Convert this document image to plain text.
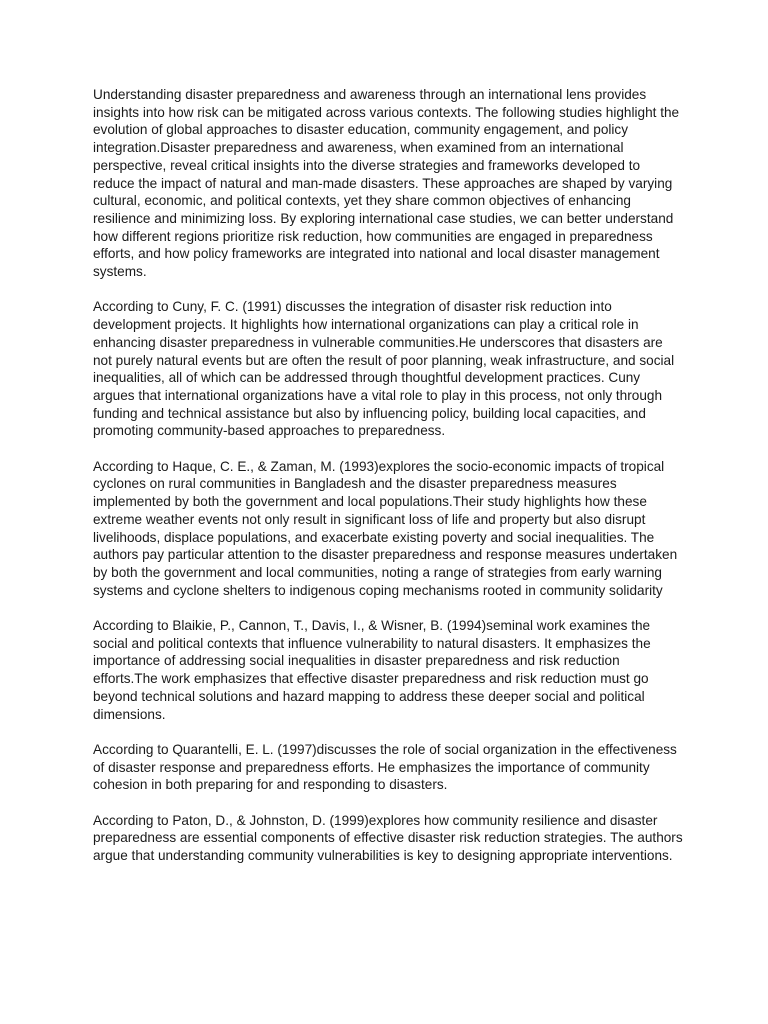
Understanding disaster preparedness and awareness through an international lens provides insights into how risk can be mitigated across various contexts. The following studies highlight the evolution of global approaches to disaster education, community engagement, and policy integration.Disaster preparedness and awareness, when examined from an international perspective, reveal critical insights into the diverse strategies and frameworks developed to reduce the impact of natural and man-made disasters. These approaches are shaped by varying cultural, economic, and political contexts, yet they share common objectives of enhancing resilience and minimizing loss. By exploring international case studies, we can better understand how different regions prioritize risk reduction, how communities are engaged in preparedness efforts, and how policy frameworks are integrated into national and local disaster management systems.

According to Cuny, F. C. (1991) discusses the integration of disaster risk reduction into development projects. It highlights how international organizations can play a critical role in enhancing disaster preparedness in vulnerable communities.He underscores that disasters are not purely natural events but are often the result of poor planning, weak infrastructure, and social inequalities, all of which can be addressed through thoughtful development practices. Cuny argues that international organizations have a vital role to play in this process, not only through funding and technical assistance but also by influencing policy, building local capacities, and promoting community-based approaches to preparedness.

According to Haque, C. E., & Zaman, M. (1993)explores the socio-economic impacts of tropical cyclones on rural communities in Bangladesh and the disaster preparedness measures implemented by both the government and local populations.Their study highlights how these extreme weather events not only result in significant loss of life and property but also disrupt livelihoods, displace populations, and exacerbate existing poverty and social inequalities. The authors pay particular attention to the disaster preparedness and response measures undertaken by both the government and local communities, noting a range of strategies from early warning systems and cyclone shelters to indigenous coping mechanisms rooted in community solidarity

According to Blaikie, P., Cannon, T., Davis, I., & Wisner, B. (1994)seminal work examines the social and political contexts that influence vulnerability to natural disasters. It emphasizes the importance of addressing social inequalities in disaster preparedness and risk reduction efforts.The work emphasizes that effective disaster preparedness and risk reduction must go beyond technical solutions and hazard mapping to address these deeper social and political dimensions.

According to Quarantelli, E. L. (1997)discusses the role of social organization in the effectiveness of disaster response and preparedness efforts. He emphasizes the importance of community cohesion in both preparing for and responding to disasters.

According to Paton, D., & Johnston, D. (1999)explores how community resilience and disaster preparedness are essential components of effective disaster risk reduction strategies. The authors argue that understanding community vulnerabilities is key to designing appropriate interventions.
